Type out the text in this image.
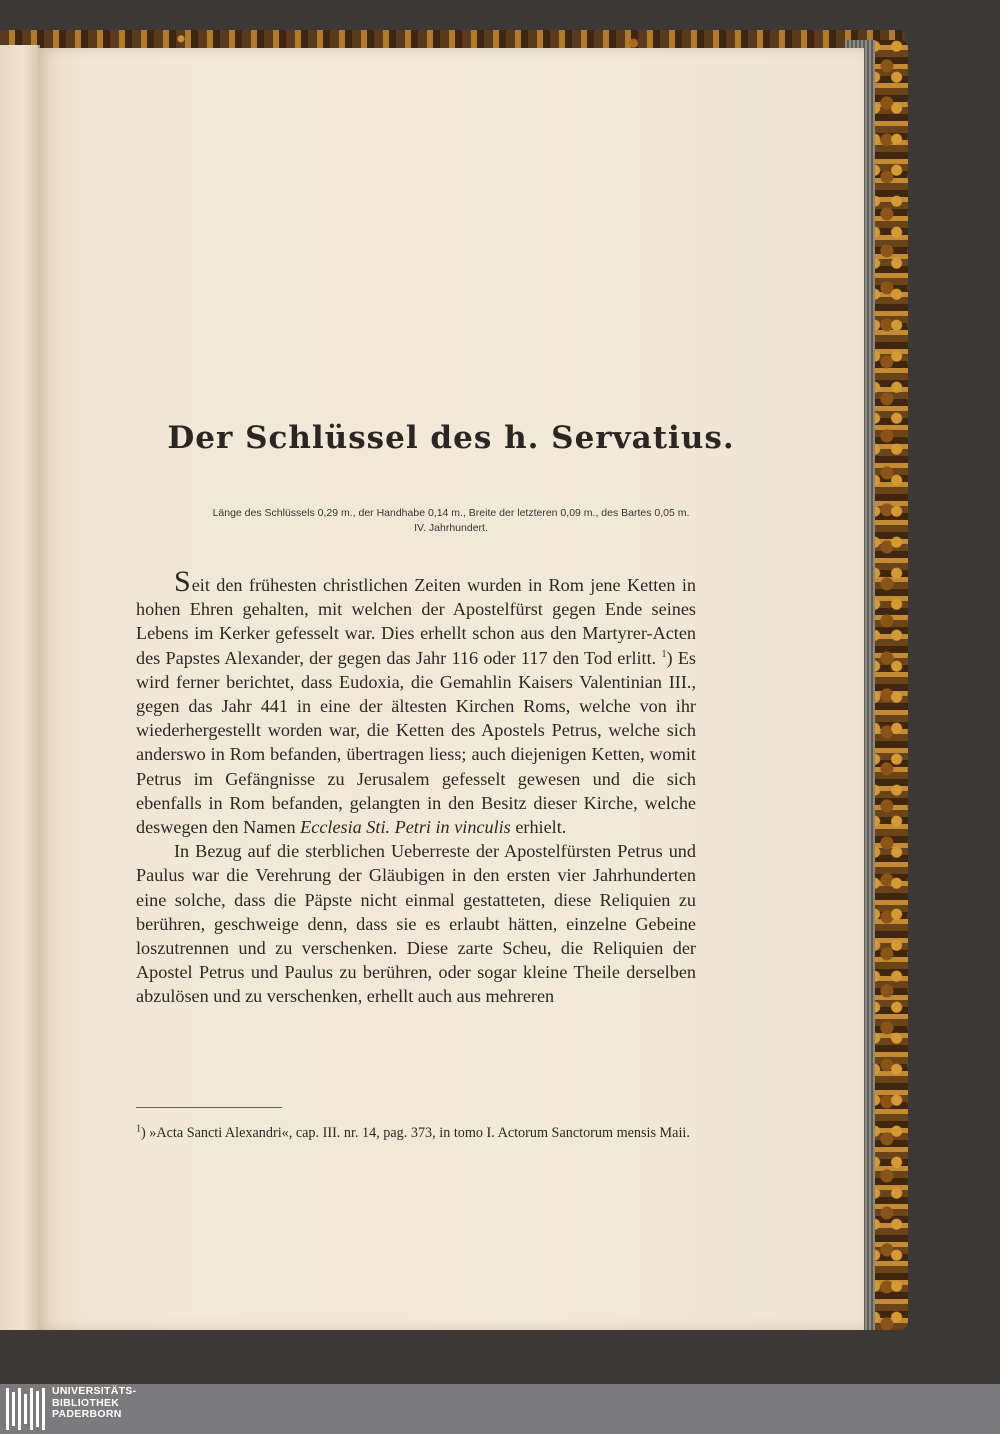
Der Schlüssel des h. Servatius.
Länge des Schlüssels 0,29 m., der Handhabe 0,14 m., Breite der letzteren 0,09 m., des Bartes 0,05 m.
IV. Jahrhundert.

Seit den frühesten christlichen Zeiten wurden in Rom jene Ketten in hohen Ehren gehalten, mit welchen der Apostelfürst gegen Ende seines Lebens im Kerker gefesselt war. Dies erhellt schon aus den Martyrer-Acten des Papstes Alexander, der gegen das Jahr 116 oder 117 den Tod erlitt. $^1$) Es wird ferner berichtet, dass Eudoxia, die Gemahlin Kaisers Valentinian III., gegen das Jahr 441 in eine der ältesten Kirchen Roms, welche von ihr wiederhergestellt worden war, die Ketten des Apostels Petrus, welche sich anderswo in Rom befanden, übertragen liess; auch diejenigen Ketten, womit Petrus im Gefängnisse zu Jerusalem gefesselt gewesen und die sich ebenfalls in Rom befanden, gelangten in den Besitz dieser Kirche, welche deswegen den Namen Ecclesia Sti. Petri in vinculis erhielt.

In Bezug auf die sterblichen Ueberreste der Apostelfürsten Petrus und Paulus war die Verehrung der Gläubigen in den ersten vier Jahrhunderten eine solche, dass die Päpste nicht einmal gestatteten, diese Reliquien zu berühren, geschweige denn, dass sie es erlaubt hätten, einzelne Gebeine loszutrennen und zu verschenken. Diese zarte Scheu, die Reliquien der Apostel Petrus und Paulus zu berühren, oder sogar kleine Theile derselben abzulösen und zu verschenken, erhellt auch aus mehreren

$^1$) »Acta Sancti Alexandri«, cap. III. nr. 14, pag. 373, in tomo I. Actorum Sanctorum mensis Maii.
UNIVERSITÄTS-
BIBLIOTHEK
PADERBORN
